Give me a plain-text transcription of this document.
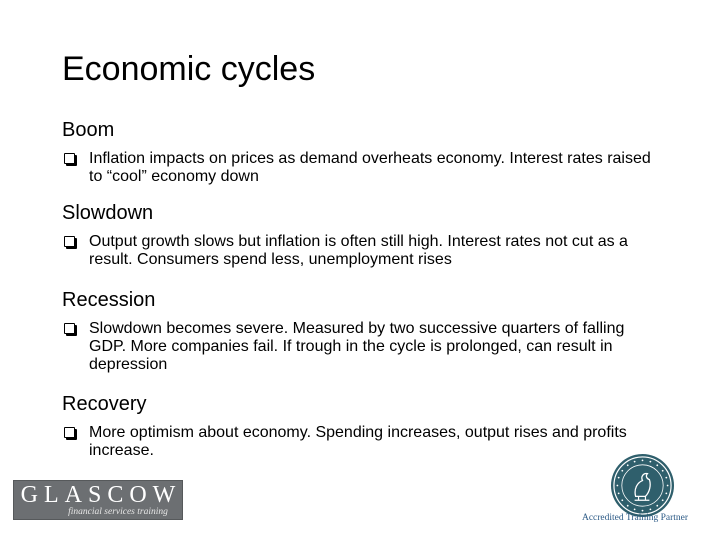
Economic cycles
Boom
Inflation impacts on prices as demand overheats economy. Interest rates raised to “cool” economy down
Slowdown
Output growth slows but inflation is often still high. Interest rates not cut as a result. Consumers spend less, unemployment rises
Recession
Slowdown becomes severe. Measured by two successive quarters of falling GDP. More companies fail. If trough in the cycle is prolonged, can result in depression
Recovery
More optimism about economy. Spending increases, output rises and profits increase.
GLASCOW
financial services training
Accredited Training Partner
